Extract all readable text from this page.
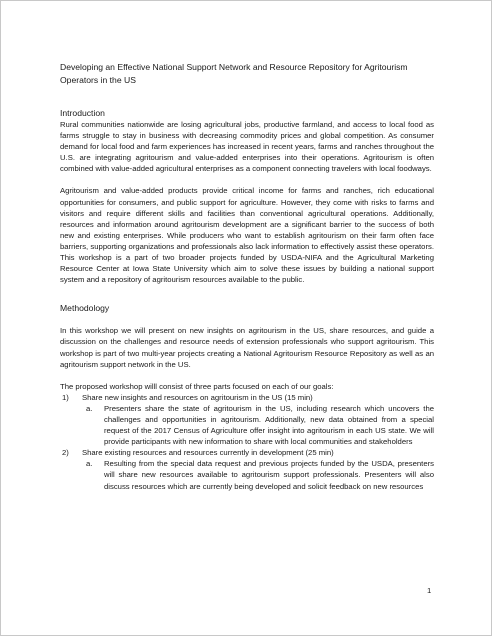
Developing an Effective National Support Network and Resource Repository for Agritourism Operators in the US
Introduction

Rural communities nationwide are losing agricultural jobs, productive farmland, and access to local food as farms struggle to stay in business with decreasing commodity prices and global competition. As consumer demand for local food and farm experiences has increased in recent years, farms and ranches throughout the U.S. are integrating agritourism and value-added enterprises into their operations. Agritourism is often combined with value-added agricultural enterprises as a component connecting travelers with local foodways.

Agritourism and value-added products provide critical income for farms and ranches, rich educational opportunities for consumers, and public support for agriculture. However, they come with risks to farms and visitors and require different skills and facilities than conventional agricultural operations. Additionally, resources and information around agritourism development are a significant barrier to the success of both new and existing enterprises. While producers who want to establish agritourism on their farm often face barriers, supporting organizations and professionals also lack information to effectively assist these operators. This workshop is a part of two broader projects funded by USDA-NIFA and the Agricultural Marketing Resource Center at Iowa State University which aim to solve these issues by building a national support system and a repository of agritourism resources available to the public.

Methodology

In this workshop we will present on new insights on agritourism in the US, share resources, and guide a discussion on the challenges and resource needs of extension professionals who support agritourism. This workshop is part of two multi-year projects creating a National Agritourism Resource Repository as well as an agritourism support network in the US.

The proposed workshop willl consist of three parts focused on each of our goals:

1) Share new insights and resources on agritourism in the US (15 min)
a. Presenters share the state of agritourism in the US, including research which uncovers the challenges and opportunities in agritourism. Additionally, new data obtained from a special request of the 2017 Census of Agriculture offer insight into agritourism in each US state. We will provide participants with new information to share with local communities and stakeholders
2) Share existing resources and resources currently in development (25 min)
a. Resulting from the special data request and previous projects funded by the USDA, presenters will share new resources available to agritourism support professionals. Presenters will also discuss resources which are currently being developed and solicit feedback on new resources
1
